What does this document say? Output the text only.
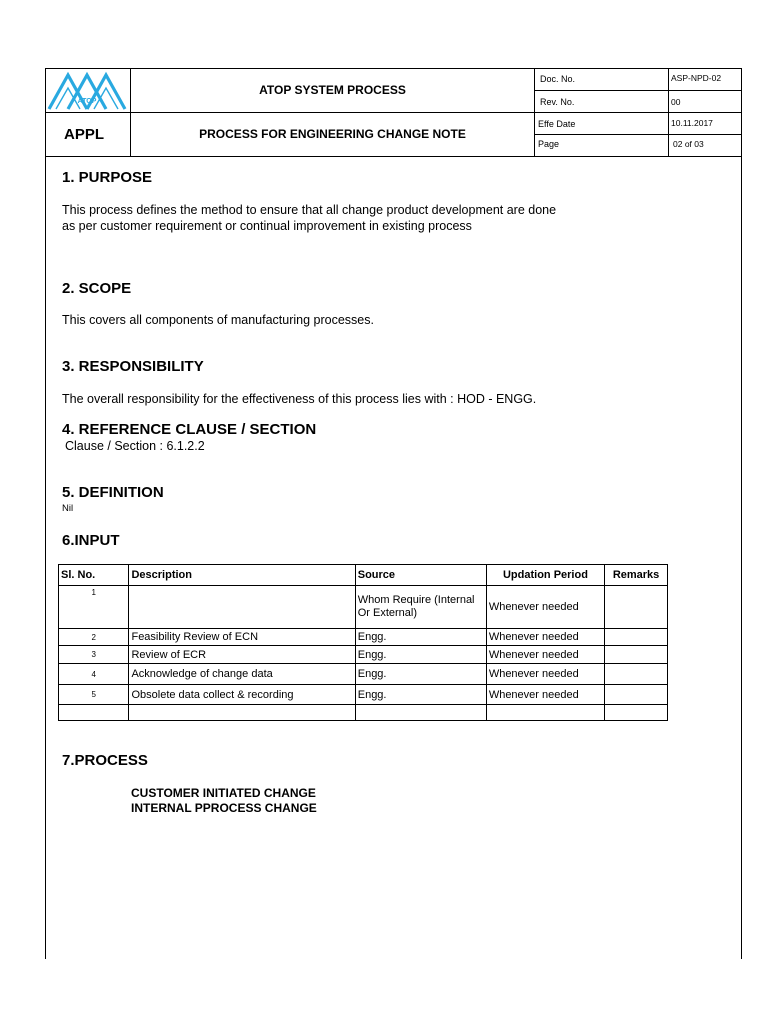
ATOP
ATOP SYSTEM PROCESS
APPL	PROCESS FOR ENGINEERING CHANGE NOTE
Doc. No.	ASP-NPD-02
Rev. No.	00
Effe Date	10.11.2017
Page	02 of 03
1. PURPOSE
This process defines the method to ensure that all change product development are done
as per customer requirement or continual improvement in existing process
2. SCOPE
This covers all components of manufacturing processes.
3. RESPONSIBILITY
The overall responsibility for the effectiveness of this process lies with : HOD - ENGG.
4. REFERENCE CLAUSE / SECTION
Clause / Section : 6.1.2.2
5. DEFINITION
Nil
6.INPUT
Sl. No.	Description	Source	Updation Period	Remarks
1		Whom Require (Internal
Or External)	Whenever needed	
2	Feasibility Review of ECN	Engg.	Whenever needed	
3	Review of ECR	Engg.	Whenever needed	
4	Acknowledge of change data	Engg.	Whenever needed	
5	Obsolete data collect & recording	Engg.	Whenever needed	

7.PROCESS
CUSTOMER INITIATED CHANGE
INTERNAL PPROCESS CHANGE
